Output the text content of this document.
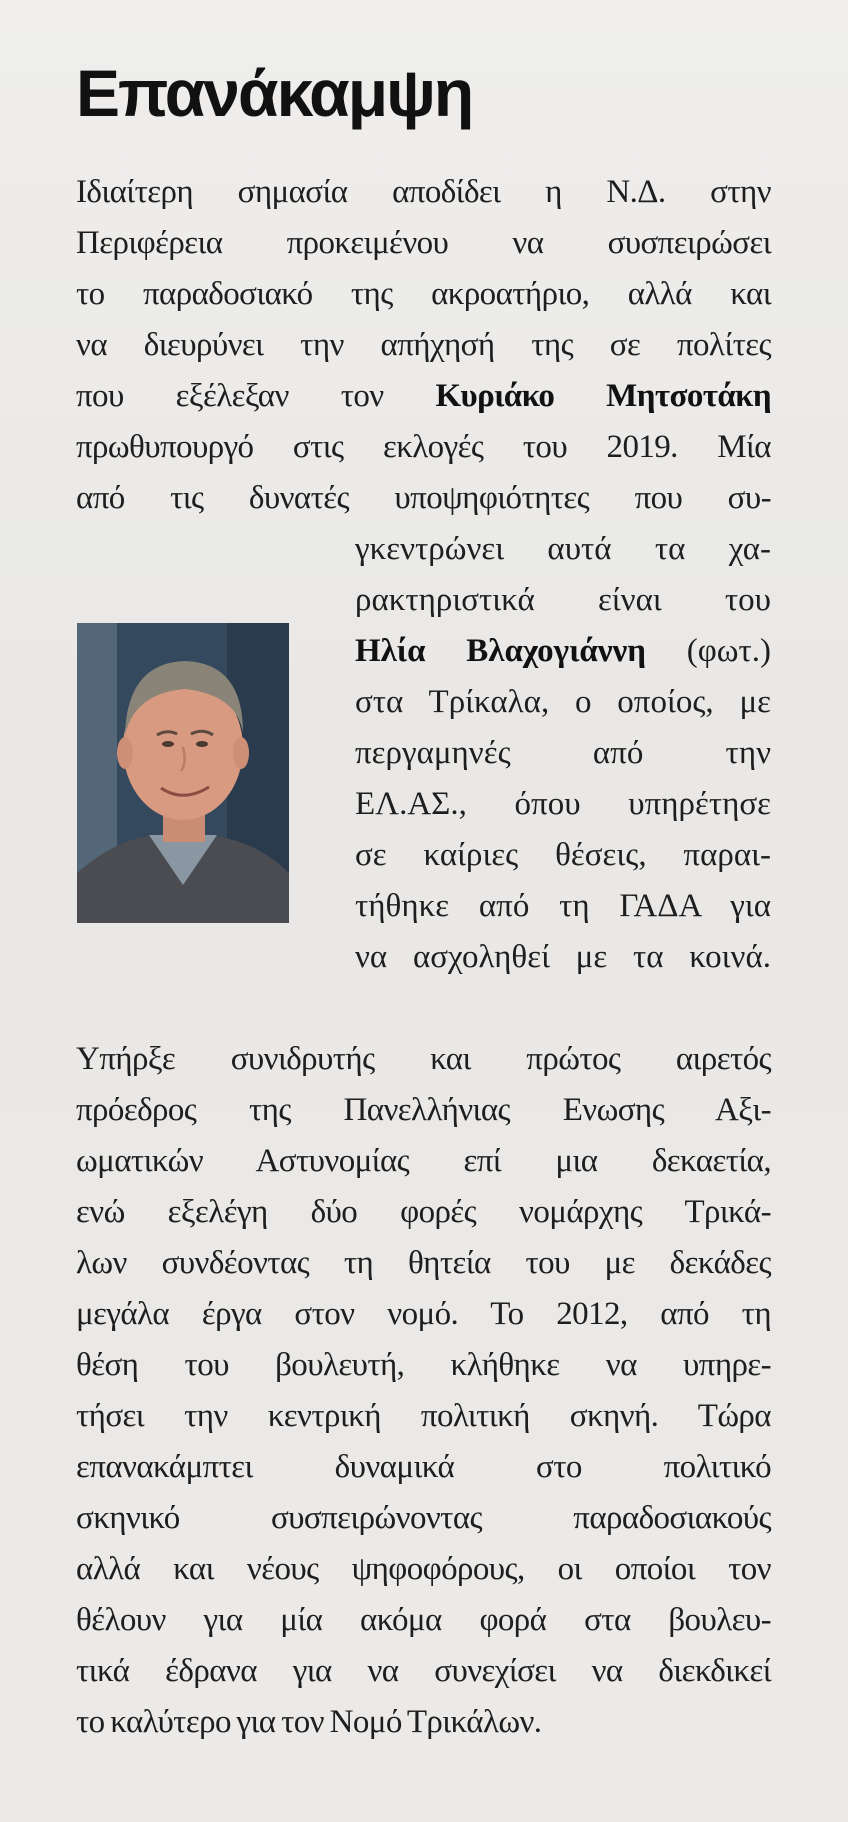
Επανάκαμψη
Ιδιαίτερη σημασία αποδίδει η Ν.Δ. στην
Περιφέρεια προκειμένου να συσπειρώσει
το παραδοσιακό της ακροατήριο, αλλά και
να διευρύνει την απήχησή της σε πολίτες
που εξέλεξαν τον Κυριάκο Μητσοτάκη
πρωθυπουργό στις εκλογές του 2019. Μία
από τις δυνατές υποψηφιότητες που συ-
γκεντρώνει αυτά τα χα-
ρακτηριστικά είναι του
Ηλία Βλαχογιάννη (φωτ.)
στα Τρίκαλα, ο οποίος, με
περγαμηνές από την
ΕΛ.ΑΣ., όπου υπηρέτησε
σε καίριες θέσεις, παραι-
τήθηκε από τη ΓΑΔΑ για
να ασχοληθεί με τα κοινά.
Υπήρξε συνιδρυτής και πρώτος αιρετός
πρόεδρος της Πανελλήνιας Ενωσης Αξι-
ωματικών Αστυνομίας επί μια δεκαετία,
ενώ εξελέγη δύο φορές νομάρχης Τρικά-
λων συνδέοντας τη θητεία του με δεκάδες
μεγάλα έργα στον νομό. Το 2012, από τη
θέση του βουλευτή, κλήθηκε να υπηρε-
τήσει την κεντρική πολιτική σκηνή. Τώρα
επανακάμπτει δυναμικά στο πολιτικό
σκηνικό συσπειρώνοντας παραδοσιακούς
αλλά και νέους ψηφοφόρους, οι οποίοι τον
θέλουν για μία ακόμα φορά στα βουλευ-
τικά έδρανα για να συνεχίσει να διεκδικεί
το καλύτερο για τον Νομό Τρικάλων.
